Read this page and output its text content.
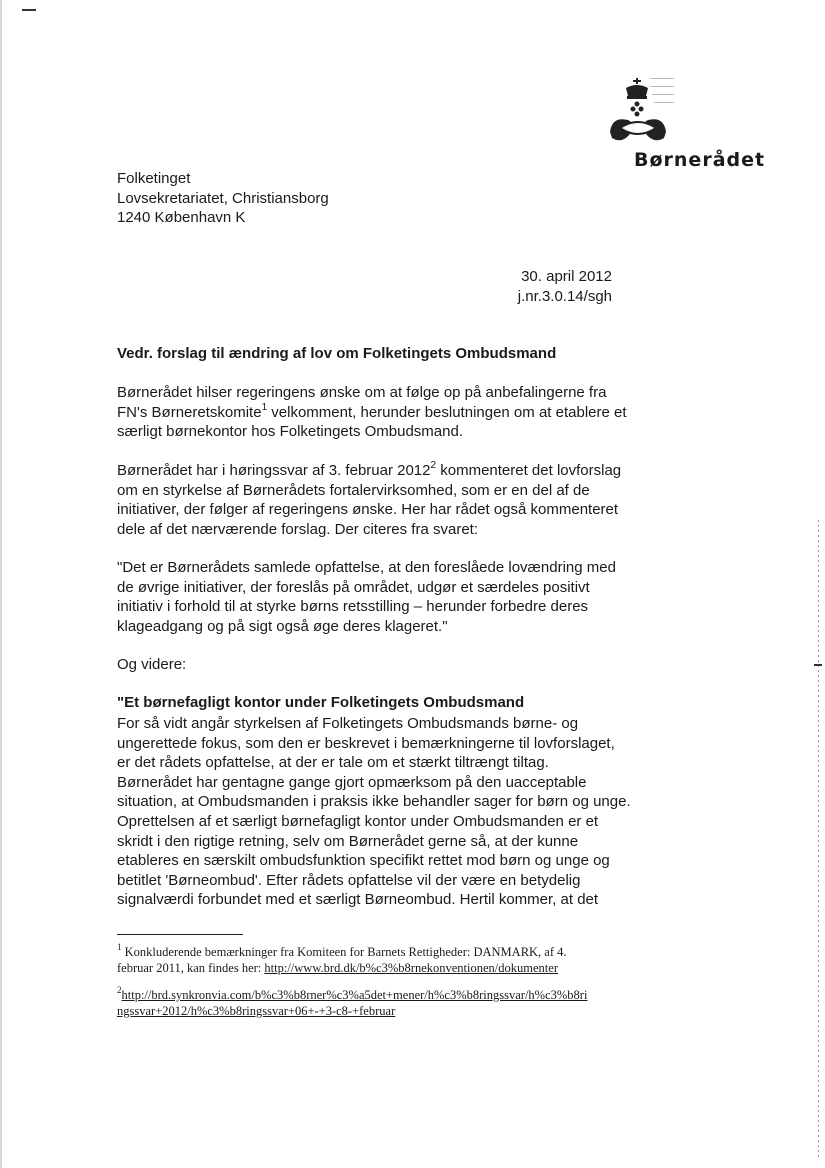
Børnerådet
Folketinget
Lovsekretariatet, Christiansborg
1240 København K
30. april 2012
j.nr.3.0.14/sgh
Vedr. forslag til ændring af lov om Folketingets Ombudsmand
Børnerådet hilser regeringens ønske om at følge op på anbefalingerne fra
FN's Børneretskomite$^1$ velkomment, herunder beslutningen om at etablere et
særligt børnekontor hos Folketingets Ombudsmand.
Børnerådet har i høringssvar af 3. februar 2012$^2$ kommenteret det lovforslag
om en styrkelse af Børnerådets fortalervirksomhed, som er en del af de
initiativer, der følger af regeringens ønske. Her har rådet også kommenteret
dele af det nærværende forslag. Der citeres fra svaret:
"Det er Børnerådets samlede opfattelse, at den foreslåede lovændring med
de øvrige initiativer, der foreslås på området, udgør et særdeles positivt
initiativ i forhold til at styrke børns retsstilling – herunder forbedre deres
klageadgang og på sigt også øge deres klageret."
Og videre:
"Et børnefagligt kontor under Folketingets Ombudsmand
For så vidt angår styrkelsen af Folketingets Ombudsmands børne- og
ungerettede fokus, som den er beskrevet i bemærkningerne til lovforslaget,
er det rådets opfattelse, at der er tale om et stærkt tiltrængt tiltag.
Børnerådet har gentagne gange gjort opmærksom på den uacceptable
situation, at Ombudsmanden i praksis ikke behandler sager for børn og unge.
Oprettelsen af et særligt børnefagligt kontor under Ombudsmanden er et
skridt i den rigtige retning, selv om Børnerådet gerne så, at der kunne
etableres en særskilt ombudsfunktion specifikt rettet mod børn og unge og
betitlet 'Børneombud'. Efter rådets opfattelse vil der være en betydelig
signalværdi forbundet med et særligt Børneombud. Hertil kommer, at det
$^1$ Konkluderende bemærkninger fra Komiteen for Barnets Rettigheder: DANMARK, af 4.
februar 2011, kan findes her: http://www.brd.dk/b%c3%b8rnekonventionen/dokumenter
$^2$http://brd.synkronvia.com/b%c3%b8rner%c3%a5det+mener/h%c3%b8ringssvar/h%c3%b8ri
ngssvar+2012/h%c3%b8ringssvar+06+-+3-c8-+februar
